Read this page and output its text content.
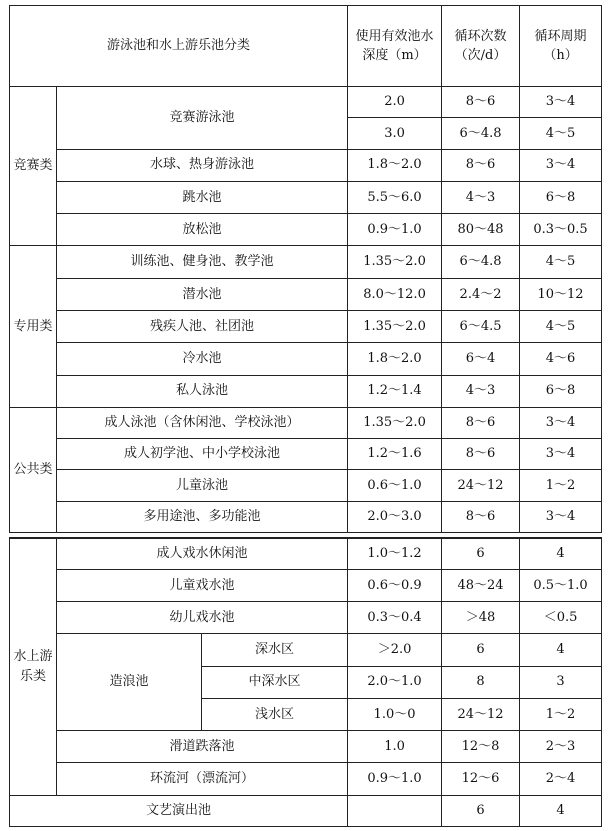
游泳池和水上游乐池分类			使用有效池水深度（m）	循环次数（次/d）	循环周期（h）
竞赛类	竞赛游泳池		2.0	8～6	3～4
			3.0	6～4.8	4～5
	水球、热身游泳池		1.8～2.0	8～6	3～4
	跳水池		5.5～6.0	4～3	6～8
	放松池		0.9～1.0	80～48	0.3～0.5
专用类	训练池、健身池、教学池		1.35～2.0	6～4.8	4～5
	潜水池		8.0～12.0	2.4～2	10～12
	残疾人池、社团池		1.35～2.0	6～4.5	4～5
	冷水池		1.8～2.0	6～4	4～6
	私人泳池		1.2～1.4	4～3	6～8
公共类	成人泳池（含休闲池、学校泳池）		1.35～2.0	8～6	3～4
	成人初学池、中小学校泳池		1.2～1.6	8～6	3～4
	儿童泳池		0.6～1.0	24～12	1～2
	多用途池、多功能池		2.0～3.0	8～6	3～4

水上游乐类	成人戏水休闲池		1.0～1.2	6	4
	儿童戏水池		0.6～0.9	48～24	0.5～1.0
	幼儿戏水池		0.3～0.4	＞48	＜0.5
	造浪池	深水区	＞2.0	6	4
		中深水区	2.0～1.0	8	3
		浅水区	1.0～0	24～12	1～2
	滑道跌落池		1.0	12～8	2～3
	环流河（漂流河）		0.9～1.0	12～6	2～4
文艺演出池				6	4
